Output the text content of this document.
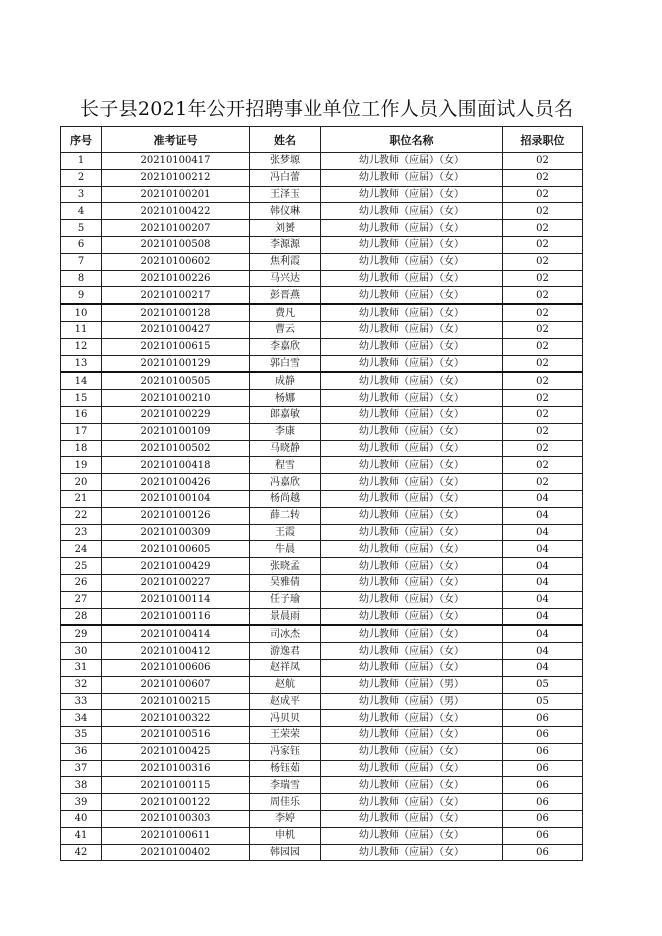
长子县2021年公开招聘事业单位工作人员入围面试人员名
序号	准考证号	姓名	职位名称	招录职位
1	20210100417	张梦塬	幼儿教师（应届）（女）	02
2	20210100212	冯白蕾	幼儿教师（应届）（女）	02
3	20210100201	王泽玉	幼儿教师（应届）（女）	02
4	20210100422	韩仪琳	幼儿教师（应届）（女）	02
5	20210100207	刘赟	幼儿教师（应届）（女）	02
6	20210100508	李源源	幼儿教师（应届）（女）	02
7	20210100602	焦利霞	幼儿教师（应届）（女）	02
8	20210100226	马兴达	幼儿教师（应届）（女）	02
9	20210100217	彭晋燕	幼儿教师（应届）（女）	02
10	20210100128	费凡	幼儿教师（应届）（女）	02
11	20210100427	曹云	幼儿教师（应届）（女）	02
12	20210100615	李嘉欣	幼儿教师（应届）（女）	02
13	20210100129	郭白雪	幼儿教师（应届）（女）	02
14	20210100505	成静	幼儿教师（应届）（女）	02
15	20210100210	杨娜	幼儿教师（应届）（女）	02
16	20210100229	郎嘉敏	幼儿教师（应届）（女）	02
17	20210100109	李康	幼儿教师（应届）（女）	02
18	20210100502	马晓静	幼儿教师（应届）（女）	02
19	20210100418	程雪	幼儿教师（应届）（女）	02
20	20210100426	冯嘉欣	幼儿教师（应届）（女）	02
21	20210100104	杨尚越	幼儿教师（应届）（女）	04
22	20210100126	薛二转	幼儿教师（应届）（女）	04
23	20210100309	王霞	幼儿教师（应届）（女）	04
24	20210100605	牛晨	幼儿教师（应届）（女）	04
25	20210100429	张晓孟	幼儿教师（应届）（女）	04
26	20210100227	吴雅倩	幼儿教师（应届）（女）	04
27	20210100114	任子瑜	幼儿教师（应届）（女）	04
28	20210100116	景晨雨	幼儿教师（应届）（女）	04
29	20210100414	司冰杰	幼儿教师（应届）（女）	04
30	20210100412	游逸君	幼儿教师（应届）（女）	04
31	20210100606	赵祥凤	幼儿教师（应届）（女）	04
32	20210100607	赵航	幼儿教师（应届）（男）	05
33	20210100215	赵成平	幼儿教师（应届）（男）	05
34	20210100322	冯贝贝	幼儿教师（应届）（女）	06
35	20210100516	王荣荣	幼儿教师（应届）（女）	06
36	20210100425	冯家钰	幼儿教师（应届）（女）	06
37	20210100316	杨钰茹	幼儿教师（应届）（女）	06
38	20210100115	李瑞雪	幼儿教师（应届）（女）	06
39	20210100122	周佳乐	幼儿教师（应届）（女）	06
40	20210100303	李婷	幼儿教师（应届）（女）	06
41	20210100611	申机	幼儿教师（应届）（女）	06
42	20210100402	韩园园	幼儿教师（应届）（女）	06
